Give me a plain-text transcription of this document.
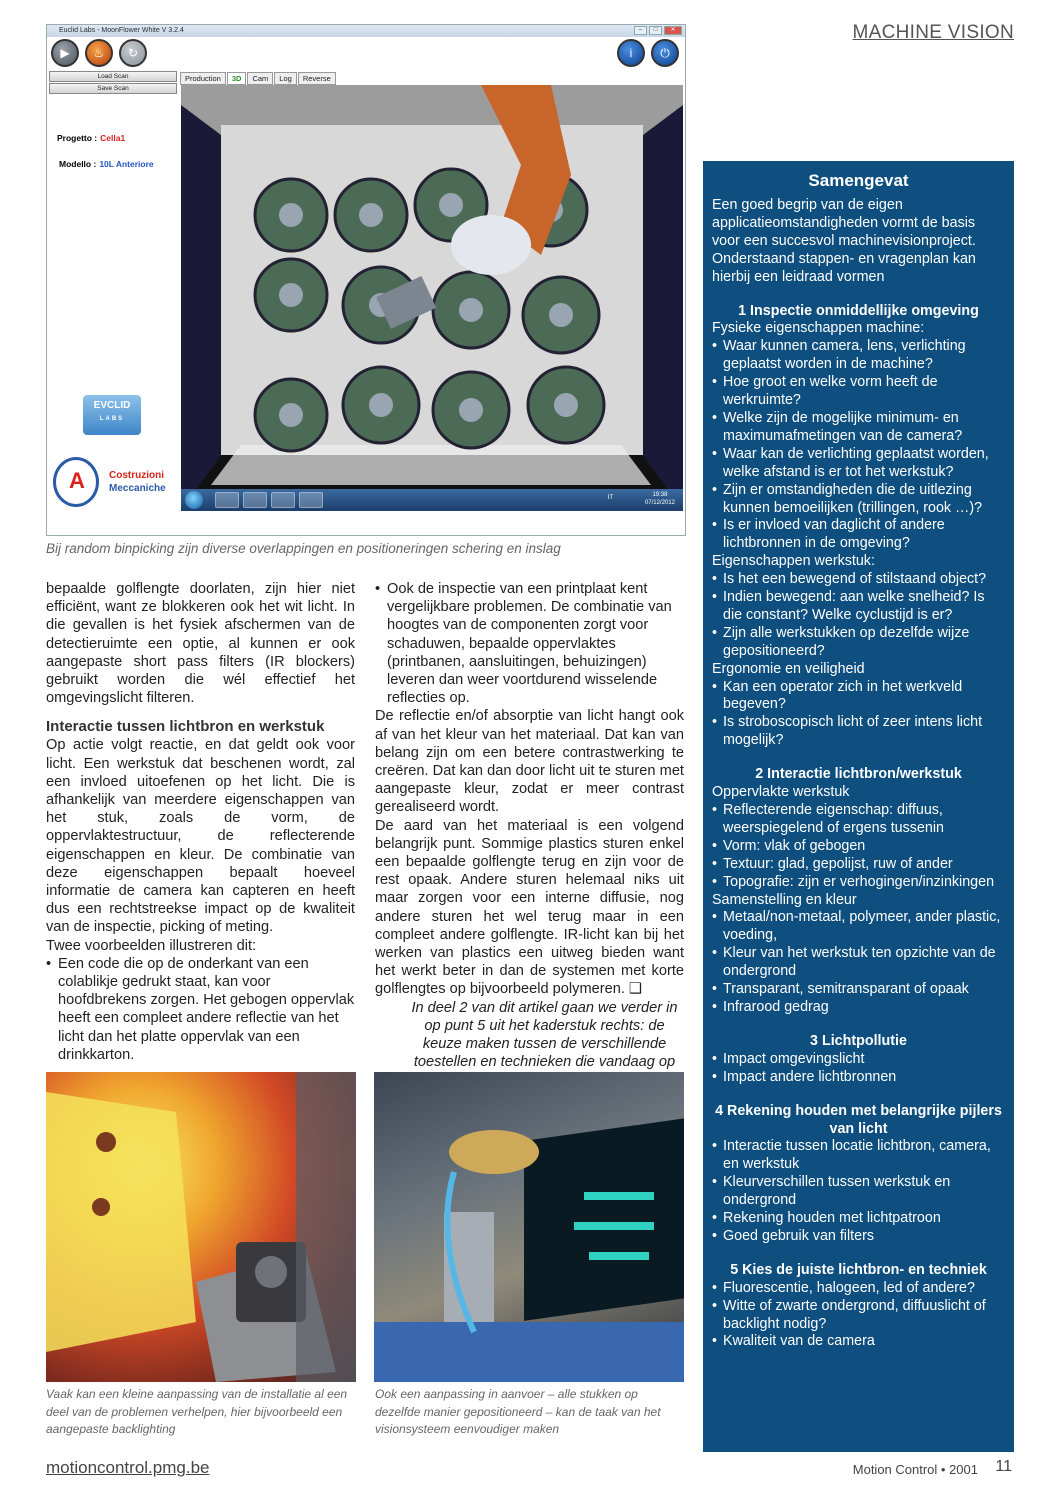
MACHINE VISION
Euclid Labs - MoonFlower White V 3.2.4	–	□	✕
▶	♨	↻	i	⏻
Load Scan
Save Scan
Production	3D	Cam	Log	Reverse
Progetto : Cella1
Modello : 10L Anteriore
EVCLID
LABS
A
Costruzioni
Meccaniche
19:38
07/12/2012
IT
Bij random binpicking zijn diverse overlappingen en positioneringen schering en inslag

bepaalde golflengte doorlaten, zijn hier niet efficiënt, want ze blokkeren ook het wit licht. In die gevallen is het fysiek afschermen van de detectieruimte een optie, al kunnen er ook aangepaste short pass filters (IR blockers) gebruikt worden die wél effectief het omgevingslicht filteren.

Interactie tussen lichtbron en werkstuk

Op actie volgt reactie, en dat geldt ook voor licht. Een werkstuk dat beschenen wordt, zal een invloed uitoefenen op het licht. Die is afhankelijk van meerdere eigenschappen van het stuk, zoals de vorm, de oppervlaktestructuur, de reflecterende eigenschappen en kleur. De combinatie van deze eigenschappen bepaalt hoeveel informatie de camera kan capteren en heeft dus een rechtstreekse impact op de kwaliteit van de inspectie, picking of meting.

Twee voorbeelden illustreren dit:

• Een code die op de onderkant van een colablikje gedrukt staat, kan voor hoofdbrekens zorgen. Het gebogen oppervlak heeft een compleet andere reflectie van het licht dan het platte oppervlak van een drinkkarton.

• Ook de inspectie van een printplaat kent vergelijkbare problemen. De combinatie van hoogtes van de componenten zorgt voor schaduwen, bepaalde oppervlaktes (printbanen, aansluitingen, behuizingen) leveren dan weer voortdurend wisselende reflecties op.

De reflectie en/of absorptie van licht hangt ook af van het kleur van het materiaal. Dat kan van belang zijn om een betere contrastwerking te creëren. Dat kan dan door licht uit te sturen met aangepaste kleur, zodat er meer contrast gerealiseerd wordt.

De aard van het materiaal is een volgend belangrijk punt. Sommige plastics sturen enkel een bepaalde golflengte terug en zijn voor de rest opaak. Andere sturen helemaal niks uit maar zorgen voor een interne diffusie, nog andere sturen het wel terug maar in een compleet andere golflengte. IR-licht kan bij het werken van plastics een uitweg bieden want het werkt beter in dan de systemen met korte golflengtes op bijvoorbeeld polymeren. ❑

In deel 2 van dit artikel gaan we verder in op punt 5 uit het kaderstuk rechts: de keuze maken tussen de verschillende toestellen en technieken die vandaag op

Vaak kan een kleine aanpassing van de installatie al een deel van de problemen verhelpen, hier bijvoorbeeld een aangepaste backlighting
Ook een aanpassing in aanvoer – alle stukken op dezelfde manier gepositioneerd – kan de taak van het visionsysteem eenvoudiger maken
Samengevat
Een goed begrip van de eigen applicatieomstandigheden vormt de basis voor een succesvol machinevisionproject. Onderstaand stappen- en vragenplan kan hierbij een leidraad vormen
1 Inspectie onmiddellijke omgeving
Fysieke eigenschappen machine:
• Waar kunnen camera, lens, verlichting geplaatst worden in de machine?
• Hoe groot en welke vorm heeft de werkruimte?
• Welke zijn de mogelijke minimum- en maximumafmetingen van de camera?
• Waar kan de verlichting geplaatst worden, welke afstand is er tot het werkstuk?
• Zijn er omstandigheden die de uitlezing kunnen bemoeilijken (trillingen, rook …)?
• Is er invloed van daglicht of andere lichtbronnen in de omgeving?
Eigenschappen werkstuk:
• Is het een bewegend of stilstaand object?
• Indien bewegend: aan welke snelheid? Is die constant? Welke cyclustijd is er?
• Zijn alle werkstukken op dezelfde wijze gepositioneerd?
Ergonomie en veiligheid
• Kan een operator zich in het werkveld begeven?
• Is stroboscopisch licht of zeer intens licht mogelijk?
2 Interactie lichtbron/werkstuk
Oppervlakte werkstuk
• Reflecterende eigenschap: diffuus, weerspiegelend of ergens tussenin
• Vorm: vlak of gebogen
• Textuur: glad, gepolijst, ruw of ander
• Topografie: zijn er verhogingen/inzinkingen
Samenstelling en kleur
• Metaal/non-metaal, polymeer, ander plastic, voeding,
• Kleur van het werkstuk ten opzichte van de ondergrond
• Transparant, semitransparant of opaak
• Infrarood gedrag
3 Lichtpollutie
• Impact omgevingslicht
• Impact andere lichtbronnen
4 Rekening houden met belangrijke pijlers van licht
• Interactie tussen locatie lichtbron, camera, en werkstuk
• Kleurverschillen tussen werkstuk en ondergrond
• Rekening houden met lichtpatroon
• Goed gebruik van filters
5 Kies de juiste lichtbron- en techniek
• Fluorescentie, halogeen, led of andere?
• Witte of zwarte ondergrond, diffuuslicht of backlight nodig?
• Kwaliteit van de camera
motioncontrol.pmg.be	Motion Control • 2001 11
